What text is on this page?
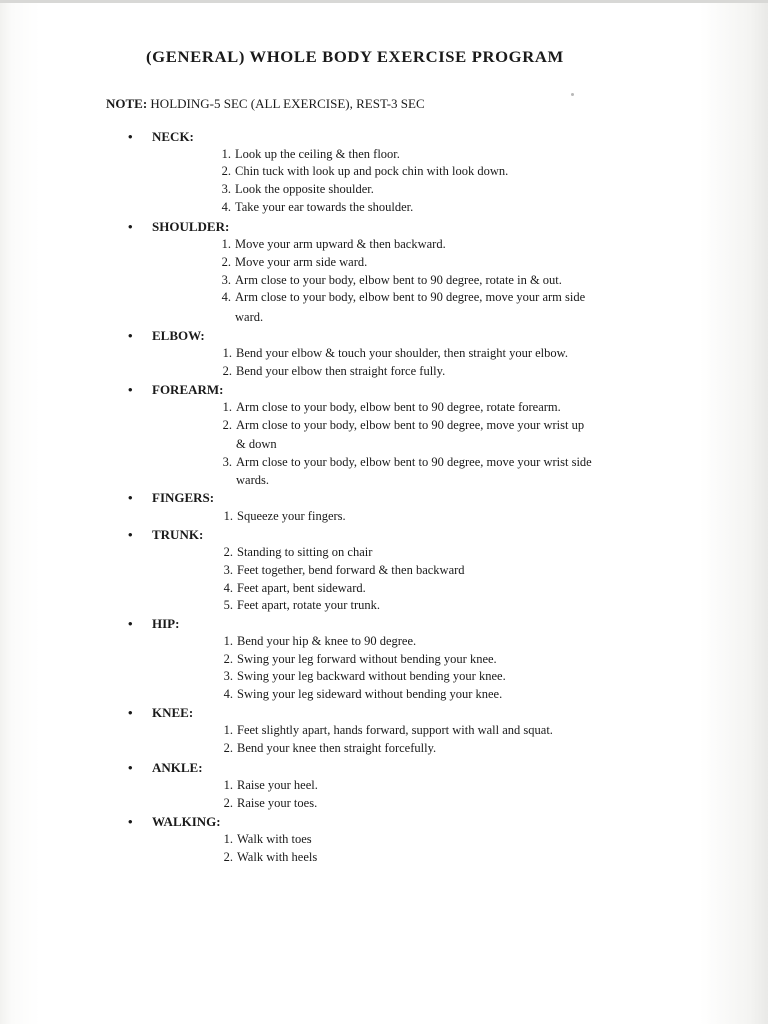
(GENERAL) WHOLE BODY EXERCISE PROGRAM
NOTE: HOLDING-5 SEC (ALL EXERCISE), REST-3 SEC
• NECK:
1. Look up the ceiling & then floor.
2. Chin tuck with look up and pock chin with look down.
3. Look the opposite shoulder.
4. Take your ear towards the shoulder.
• SHOULDER:
1. Move your arm upward & then backward.
2. Move your arm side ward.
3. Arm close to your body, elbow bent to 90 degree, rotate in & out.
4. Arm close to your body, elbow bent to 90 degree, move your arm side
ward.
• ELBOW:
1. Bend your elbow & touch your shoulder, then straight your elbow.
2. Bend your elbow then straight force fully.
• FOREARM:
1. Arm close to your body, elbow bent to 90 degree, rotate forearm.
2. Arm close to your body, elbow bent to 90 degree, move your wrist up
& down
3. Arm close to your body, elbow bent to 90 degree, move your wrist side
wards.
• FINGERS:
1. Squeeze your fingers.
• TRUNK:
2. Standing to sitting on chair
3. Feet together, bend forward & then backward
4. Feet apart, bent sideward.
5. Feet apart, rotate your trunk.
• HIP:
1. Bend your hip & knee to 90 degree.
2. Swing your leg forward without bending your knee.
3. Swing your leg backward without bending your knee.
4. Swing your leg sideward without bending your knee.
• KNEE:
1. Feet slightly apart, hands forward, support with wall and squat.
2. Bend your knee then straight forcefully.
• ANKLE:
1. Raise your heel.
2. Raise your toes.
• WALKING:
1. Walk with toes
2. Walk with heels
